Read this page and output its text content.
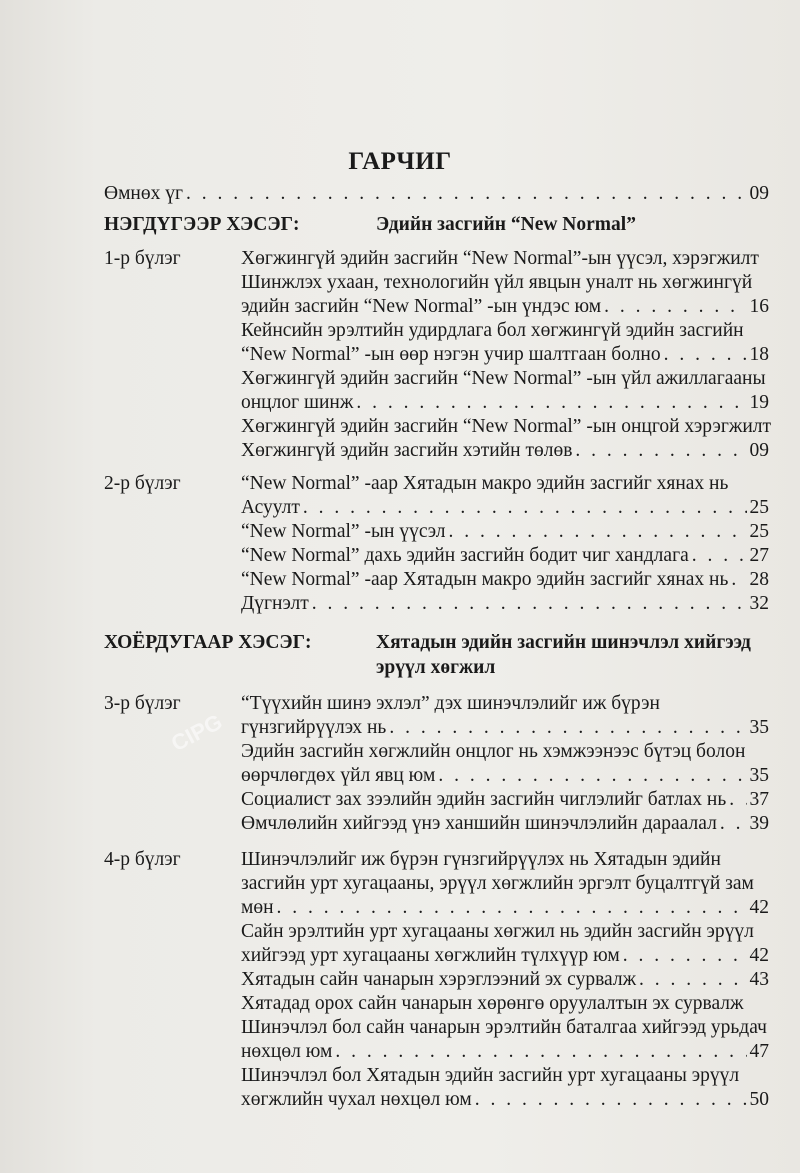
CIPG
ГАРЧИГ
Өмнөх үг . . .	09
НЭГДҮГЭЭР ХЭСЭГ:	Эдийн засгийн “New Normal”
1-р бүлэг	Хөгжингүй эдийн засгийн “New Normal”-ын үүсэл, хэрэгжилт
Шинжлэх ухаан, технологийн үйл явцын уналт нь хөгжингүй
эдийн засгийн “New Normal” -ын үндэс юм . . .	16
Кейнсийн эрэлтийн удирдлага бол хөгжингүй эдийн засгийн
“New Normal” -ын өөр нэгэн учир шалтгаан болно . . .	18
Хөгжингүй эдийн засгийн “New Normal” -ын үйл ажиллагааны
онцлог шинж . . .	19
Хөгжингүй эдийн засгийн “New Normal” -ын онцгой хэрэгжилт
Хөгжингүй эдийн засгийн хэтийн төлөв . . .	09
2-р бүлэг	“New Normal” -аар Хятадын макро эдийн засгийг хянах нь
Асуулт . . .	25
“New Normal” -ын үүсэл . . .	25
“New Normal” дахь эдийн засгийн бодит чиг хандлага . . .	27
“New Normal” -аар Хятадын макро эдийн засгийг хянах нь . . . 28
Дүгнэлт . . .	32
ХОЁРДУГААР ХЭСЭГ:	Хятадын эдийн засгийн шинэчлэл хийгээд
эрүүл хөгжил
3-р бүлэг	“Түүхийн шинэ эхлэл” дэх шинэчлэлийг иж бүрэн
гүнзгийрүүлэх нь . . .	35
Эдийн засгийн хөгжлийн онцлог нь хэмжээнээс бүтэц болон
өөрчлөгдөх үйл явц юм . . .	35
Социалист зах зээлийн эдийн засгийн чиглэлийг батлах нь . . . 37
Өмчлөлийн хийгээд үнэ ханшийн шинэчлэлийн дараалал . . . 39
4-р бүлэг	Шинэчлэлийг иж бүрэн гүнзгийрүүлэх нь Хятадын эдийн
засгийн урт хугацааны, эрүүл хөгжлийн эргэлт буцалтгүй зам
мөн . . .	42
Сайн эрэлтийн урт хугацааны хөгжил нь эдийн засгийн эрүүл
хийгээд урт хугацааны хөгжлийн түлхүүр юм . . .	42
Хятадын сайн чанарын хэрэглээний эх сурвалж . . .	43
Хятадад орох сайн чанарын хөрөнгө оруулалтын эх сурвалж
Шинэчлэл бол сайн чанарын эрэлтийн баталгаа хийгээд урьдач
нөхцөл юм . . .	47
Шинэчлэл бол Хятадын эдийн засгийн урт хугацааны эрүүл
хөгжлийн чухал нөхцөл юм . . .	50
